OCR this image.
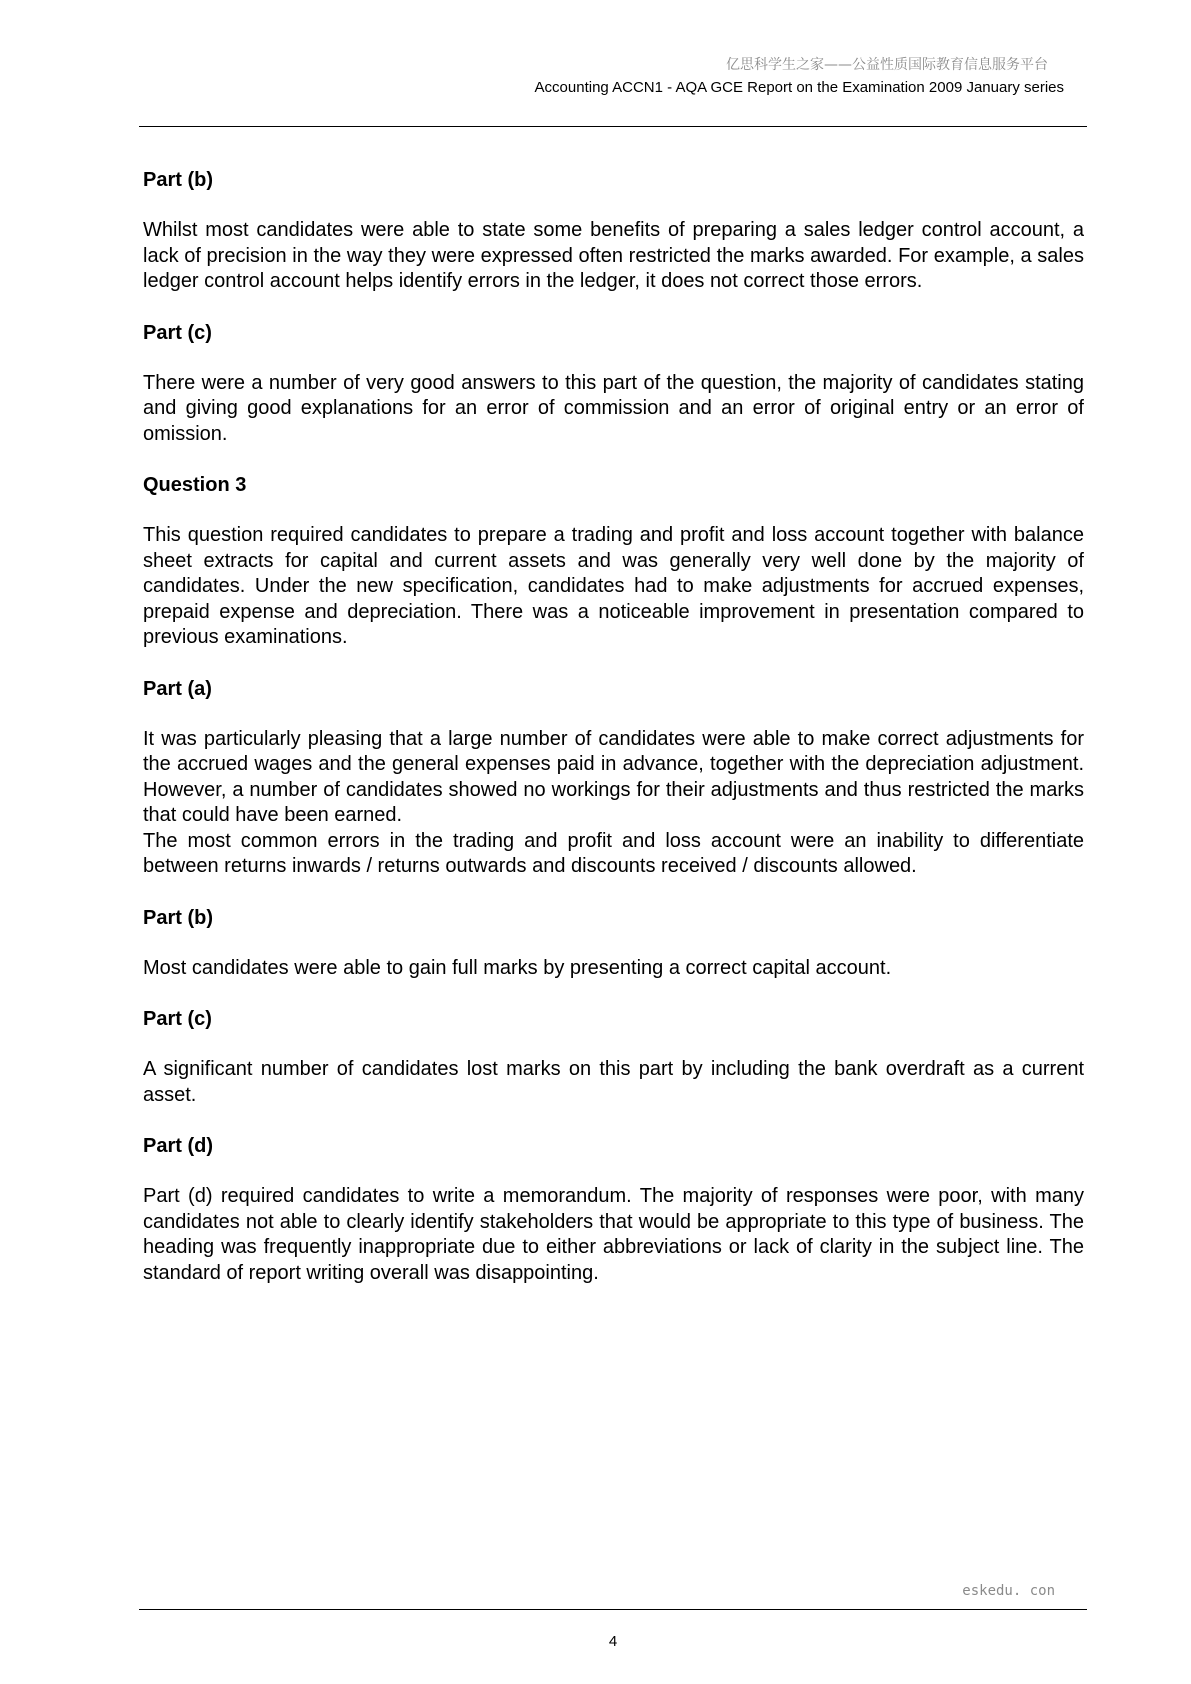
亿思科学生之家——公益性质国际教育信息服务平台
Accounting ACCN1 - AQA GCE Report on the Examination 2009 January series
Part (b)

Whilst most candidates were able to state some benefits of preparing a sales ledger control account, a lack of precision in the way they were expressed often restricted the marks awarded. For example, a sales ledger control account helps identify errors in the ledger, it does not correct those errors.

Part (c)

There were a number of very good answers to this part of the question, the majority of candidates stating and giving good explanations for an error of commission and an error of original entry or an error of omission.

Question 3

This question required candidates to prepare a trading and profit and loss account together with balance sheet extracts for capital and current assets and was generally very well done by the majority of candidates. Under the new specification, candidates had to make adjustments for accrued expenses, prepaid expense and depreciation. There was a noticeable improvement in presentation compared to previous examinations.

Part (a)

It was particularly pleasing that a large number of candidates were able to make correct adjustments for the accrued wages and the general expenses paid in advance, together with the depreciation adjustment. However, a number of candidates showed no workings for their adjustments and thus restricted the marks that could have been earned.

The most common errors in the trading and profit and loss account were an inability to differentiate between returns inwards / returns outwards and discounts received / discounts allowed.

Part (b)

Most candidates were able to gain full marks by presenting a correct capital account.

Part (c)

A significant number of candidates lost marks on this part by including the bank overdraft as a current asset.

Part (d)

Part (d) required candidates to write a memorandum. The majority of responses were poor, with many candidates not able to clearly identify stakeholders that would be appropriate to this type of business. The heading was frequently inappropriate due to either abbreviations or lack of clarity in the subject line. The standard of report writing overall was disappointing.

eskedu. con
4
